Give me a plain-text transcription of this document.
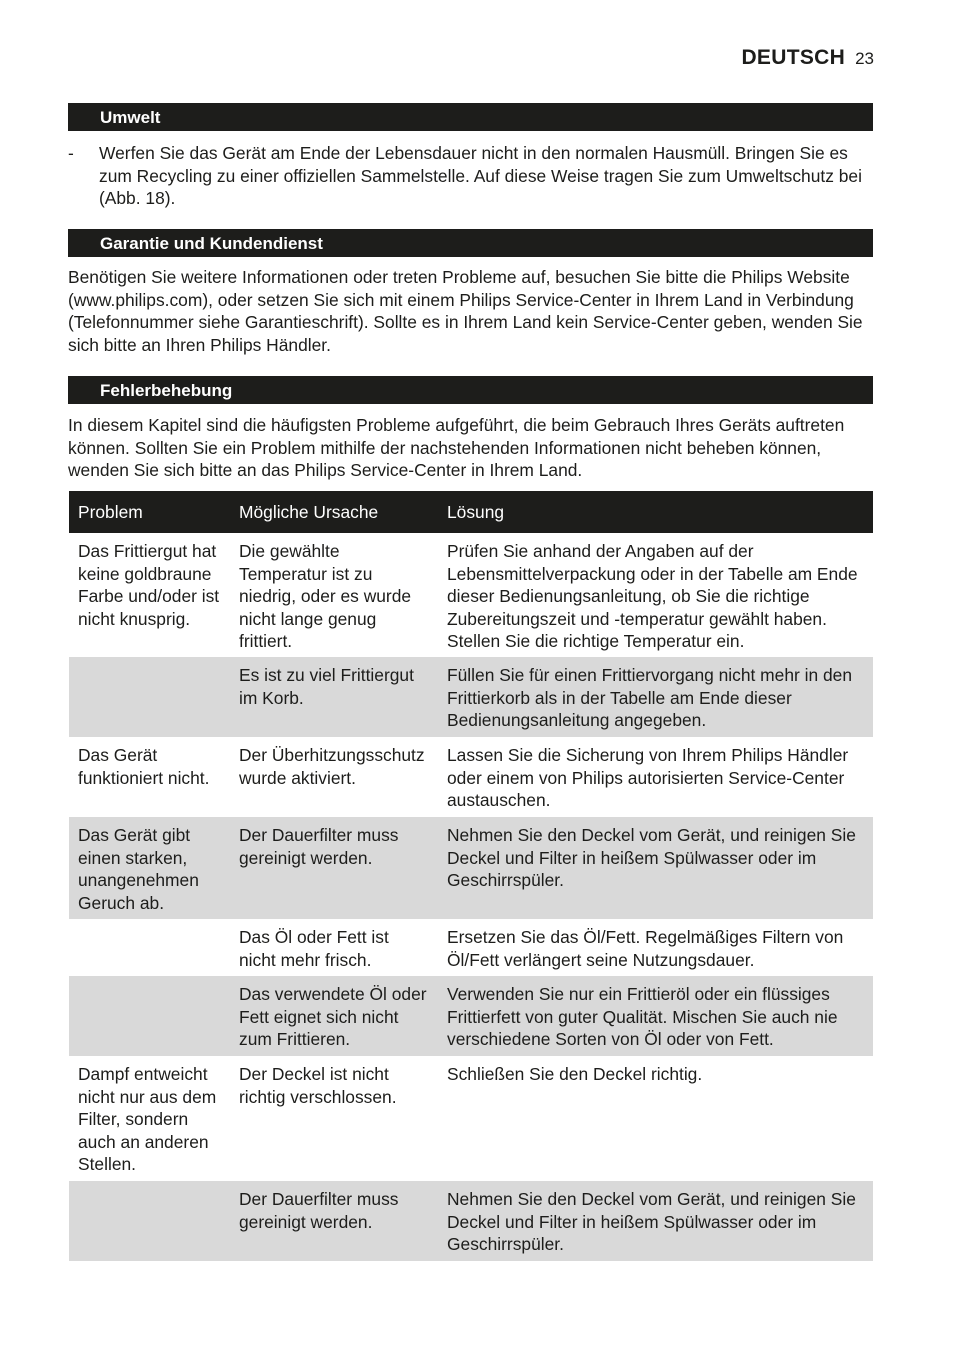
DEUTSCH 23
Umwelt
- Werfen Sie das Gerät am Ende der Lebensdauer nicht in den normalen Hausmüll. Bringen Sie es zum Recycling zu einer offiziellen Sammelstelle. Auf diese Weise tragen Sie zum Umweltschutz bei (Abb. 18).
Garantie und Kundendienst

Benötigen Sie weitere Informationen oder treten Probleme auf, besuchen Sie bitte die Philips Website (www.philips.com), oder setzen Sie sich mit einem Philips Service-Center in Ihrem Land in Verbindung (Telefonnummer siehe Garantieschrift). Sollte es in Ihrem Land kein Service-Center geben, wenden Sie sich bitte an Ihren Philips Händler.

Fehlerbehebung

In diesem Kapitel sind die häufigsten Probleme aufgeführt, die beim Gebrauch Ihres Geräts auftreten können. Sollten Sie ein Problem mithilfe der nachstehenden Informationen nicht beheben können, wenden Sie sich bitte an das Philips Service-Center in Ihrem Land.

Problem	Mögliche Ursache	Lösung
Das Frittiergut hat keine goldbraune Farbe und/oder ist nicht knusprig.	Die gewählte Temperatur ist zu niedrig, oder es wurde nicht lange genug frittiert.	Prüfen Sie anhand der Angaben auf der Lebensmittelverpackung oder in der Tabelle am Ende dieser Bedienungsanleitung, ob Sie die richtige Zubereitungszeit und -temperatur gewählt haben. Stellen Sie die richtige Temperatur ein.
	Es ist zu viel Frittiergut im Korb.	Füllen Sie für einen Frittiervorgang nicht mehr in den Frittierkorb als in der Tabelle am Ende dieser Bedienungsanleitung angegeben.
Das Gerät funktioniert nicht.	Der Überhitzungsschutz wurde aktiviert.	Lassen Sie die Sicherung von Ihrem Philips Händler oder einem von Philips autorisierten Service-Center austauschen.
Das Gerät gibt einen starken, unangenehmen Geruch ab.	Der Dauerfilter muss gereinigt werden.	Nehmen Sie den Deckel vom Gerät, und reinigen Sie Deckel und Filter in heißem Spülwasser oder im Geschirrspüler.
	Das Öl oder Fett ist nicht mehr frisch.	Ersetzen Sie das Öl/Fett. Regelmäßiges Filtern von Öl/Fett verlängert seine Nutzungsdauer.
	Das verwendete Öl oder Fett eignet sich nicht zum Frittieren.	Verwenden Sie nur ein Frittieröl oder ein flüssiges Frittierfett von guter Qualität. Mischen Sie auch nie verschiedene Sorten von Öl oder von Fett.
Dampf entweicht nicht nur aus dem Filter, sondern auch an anderen Stellen.	Der Deckel ist nicht richtig verschlossen.	Schließen Sie den Deckel richtig.
	Der Dauerfilter muss gereinigt werden.	Nehmen Sie den Deckel vom Gerät, und reinigen Sie Deckel und Filter in heißem Spülwasser oder im Geschirrspüler.
